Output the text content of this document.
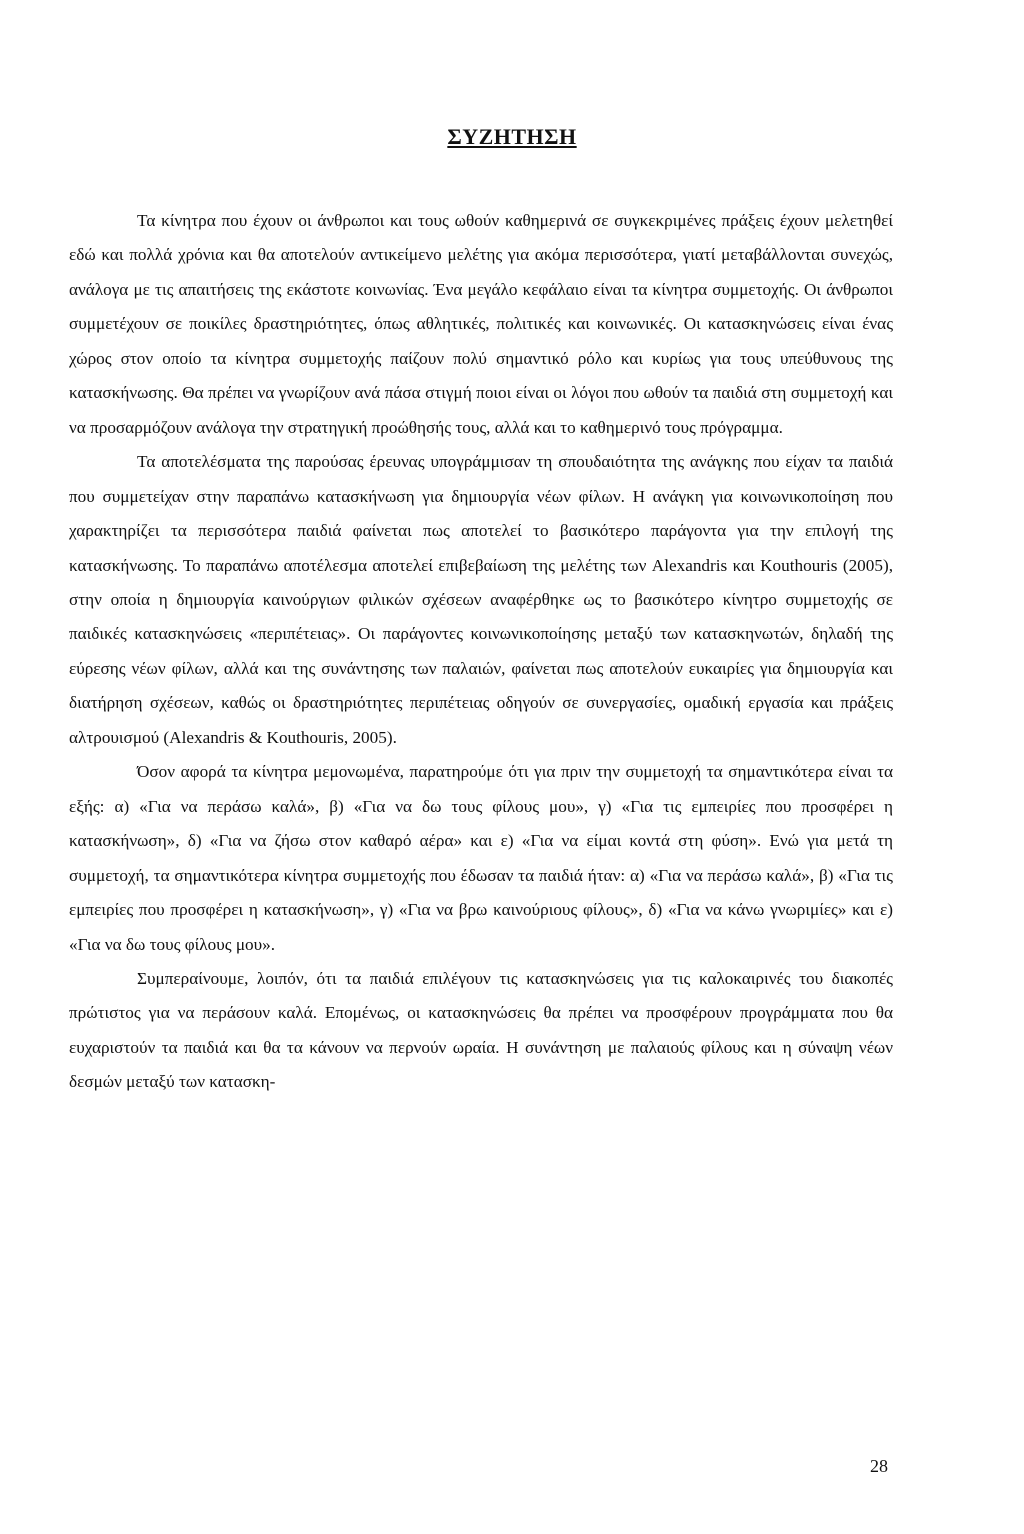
ΣΥΖΗΤΗΣΗ

Τα κίνητρα που έχουν οι άνθρωποι και τους ωθούν καθημερινά σε συγκεκριμένες πράξεις έχουν μελετηθεί εδώ και πολλά χρόνια και θα αποτελούν αντικείμενο μελέτης για ακόμα περισσότερα, γιατί μεταβάλλονται συνεχώς, ανάλογα με τις απαιτήσεις της εκάστοτε κοινωνίας. Ένα μεγάλο κεφάλαιο είναι τα κίνητρα συμμετοχής. Οι άνθρωποι συμμετέχουν σε ποικίλες δραστηριότητες, όπως αθλητικές, πολιτικές και κοινωνικές. Οι κατασκηνώσεις είναι ένας χώρος στον οποίο τα κίνητρα συμμετοχής παίζουν πολύ σημαντικό ρόλο και κυρίως για τους υπεύθυνους της κατασκήνωσης. Θα πρέπει να γνωρίζουν ανά πάσα στιγμή ποιοι είναι οι λόγοι που ωθούν τα παιδιά στη συμμετοχή και να προσαρμόζουν ανάλογα την στρατηγική προώθησής τους, αλλά και το καθημερινό τους πρόγραμμα.

Τα αποτελέσματα της παρούσας έρευνας υπογράμμισαν τη σπουδαιότητα της ανάγκης που είχαν τα παιδιά που συμμετείχαν στην παραπάνω κατασκήνωση για δημιουργία νέων φίλων. Η ανάγκη για κοινωνικοποίηση που χαρακτηρίζει τα περισσότερα παιδιά φαίνεται πως αποτελεί το βασικότερο παράγοντα για την επιλογή της κατασκήνωσης. Το παραπάνω αποτέλεσμα αποτελεί επιβεβαίωση της μελέτης των Alexandris και Kouthouris (2005), στην οποία η δημιουργία καινούργιων φιλικών σχέσεων αναφέρθηκε ως το βασικότερο κίνητρο συμμετοχής σε παιδικές κατασκηνώσεις «περιπέτειας». Οι παράγοντες κοινωνικοποίησης μεταξύ των κατασκηνωτών, δηλαδή της εύρεσης νέων φίλων, αλλά και της συνάντησης των παλαιών, φαίνεται πως αποτελούν ευκαιρίες για δημιουργία και διατήρηση σχέσεων, καθώς οι δραστηριότητες περιπέτειας οδηγούν σε συνεργασίες, ομαδική εργασία και πράξεις αλτρουισμού (Alexandris & Kouthouris, 2005).

Όσον αφορά τα κίνητρα μεμονωμένα, παρατηρούμε ότι για πριν την συμμετοχή τα σημαντικότερα είναι τα εξής: α) «Για να περάσω καλά», β) «Για να δω τους φίλους μου», γ) «Για τις εμπειρίες που προσφέρει η κατασκήνωση», δ) «Για να ζήσω στον καθαρό αέρα» και ε) «Για να είμαι κοντά στη φύση». Ενώ για μετά τη συμμετοχή, τα σημαντικότερα κίνητρα συμμετοχής που έδωσαν τα παιδιά ήταν: α) «Για να περάσω καλά», β) «Για τις εμπειρίες που προσφέρει η κατασκήνωση», γ) «Για να βρω καινούριους φίλους», δ) «Για να κάνω γνωριμίες» και ε) «Για να δω τους φίλους μου».

Συμπεραίνουμε, λοιπόν, ότι τα παιδιά επιλέγουν τις κατασκηνώσεις για τις καλοκαιρινές του διακοπές πρώτιστος για να περάσουν καλά. Επομένως, οι κατασκηνώσεις θα πρέπει να προσφέρουν προγράμματα που θα ευχαριστούν τα παιδιά και θα τα κάνουν να περνούν ωραία. Η συνάντηση με παλαιούς φίλους και η σύναψη νέων δεσμών μεταξύ των κατασκη-

28
